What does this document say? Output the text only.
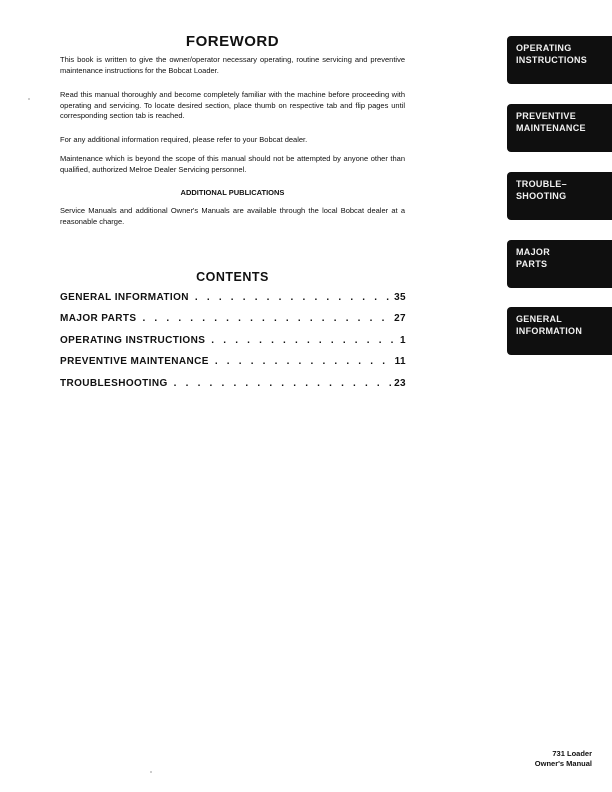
FOREWORD

This book is written to give the owner/operator necessary operating, routine servicing and preventive maintenance instructions for the Bobcat Loader.

Read this manual thoroughly and become completely familiar with the machine before proceeding with operating and servicing. To locate desired section, place thumb on respective tab and flip pages until corresponding section tab is reached.

For any additional information required, please refer to your Bobcat dealer.

Maintenance which is beyond the scope of this manual should not be attempted by anyone other than qualified, authorized Melroe Dealer Servicing personnel.

ADDITIONAL PUBLICATIONS

Service Manuals and additional Owner's Manuals are available through the local Bobcat dealer at a reasonable charge.

CONTENTS
GENERAL INFORMATION . . .	35
MAJOR PARTS . . .	27
OPERATING INSTRUCTIONS . . .	1
PREVENTIVE MAINTENANCE . . .	11
TROUBLESHOOTING . . .	23
OPERATING
INSTRUCTIONS
PREVENTIVE
MAINTENANCE
TROUBLE–
SHOOTING
MAJOR
PARTS
GENERAL
INFORMATION
731 Loader
Owner's Manual
